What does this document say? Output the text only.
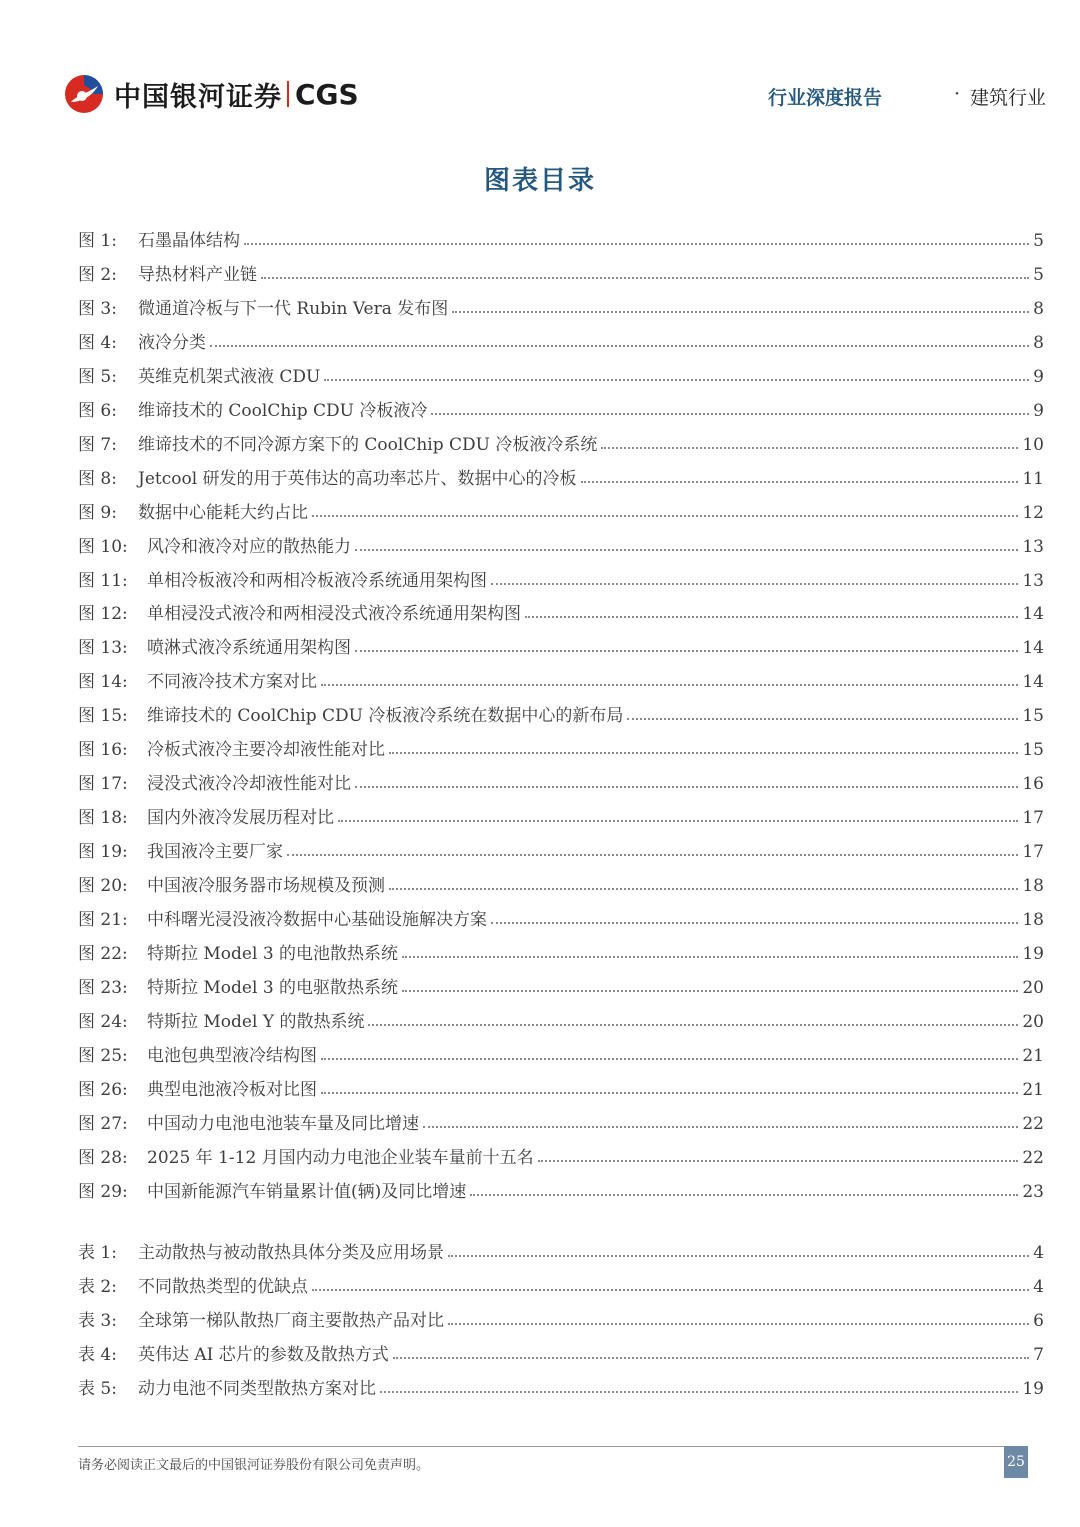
中国银河证券 CGS	行业深度报告	· 建筑行业
图表目录
图 1:	石墨晶体结构	5
图 2:	导热材料产业链	5
图 3:	微通道冷板与下一代 Rubin Vera 发布图	8
图 4:	液冷分类	8
图 5:	英维克机架式液液 CDU	9
图 6:	维谛技术的 CoolChip CDU 冷板液冷	9
图 7:	维谛技术的不同冷源方案下的 CoolChip CDU 冷板液冷系统	10
图 8:	Jetcool 研发的用于英伟达的高功率芯片、数据中心的冷板	11
图 9:	数据中心能耗大约占比	12
图 10:	风冷和液冷对应的散热能力	13
图 11:	单相冷板液冷和两相冷板液冷系统通用架构图	13
图 12:	单相浸没式液冷和两相浸没式液冷系统通用架构图	14
图 13:	喷淋式液冷系统通用架构图	14
图 14:	不同液冷技术方案对比	14
图 15:	维谛技术的 CoolChip CDU 冷板液冷系统在数据中心的新布局	15
图 16:	冷板式液冷主要冷却液性能对比	15
图 17:	浸没式液冷冷却液性能对比	16
图 18:	国内外液冷发展历程对比	17
图 19:	我国液冷主要厂家	17
图 20:	中国液冷服务器市场规模及预测	18
图 21:	中科曙光浸没液冷数据中心基础设施解决方案	18
图 22:	特斯拉 Model 3 的电池散热系统	19
图 23:	特斯拉 Model 3 的电驱散热系统	20
图 24:	特斯拉 Model Y 的散热系统	20
图 25:	电池包典型液冷结构图	21
图 26:	典型电池液冷板对比图	21
图 27:	中国动力电池电池装车量及同比增速	22
图 28:	2025 年 1-12 月国内动力电池企业装车量前十五名	22
图 29:	中国新能源汽车销量累计值(辆)及同比增速	23
表 1:	主动散热与被动散热具体分类及应用场景	4
表 2:	不同散热类型的优缺点	4
表 3:	全球第一梯队散热厂商主要散热产品对比	6
表 4:	英伟达 AI 芯片的参数及散热方式	7
表 5:	动力电池不同类型散热方案对比	19
请务必阅读正文最后的中国银河证券股份有限公司免责声明。	25
